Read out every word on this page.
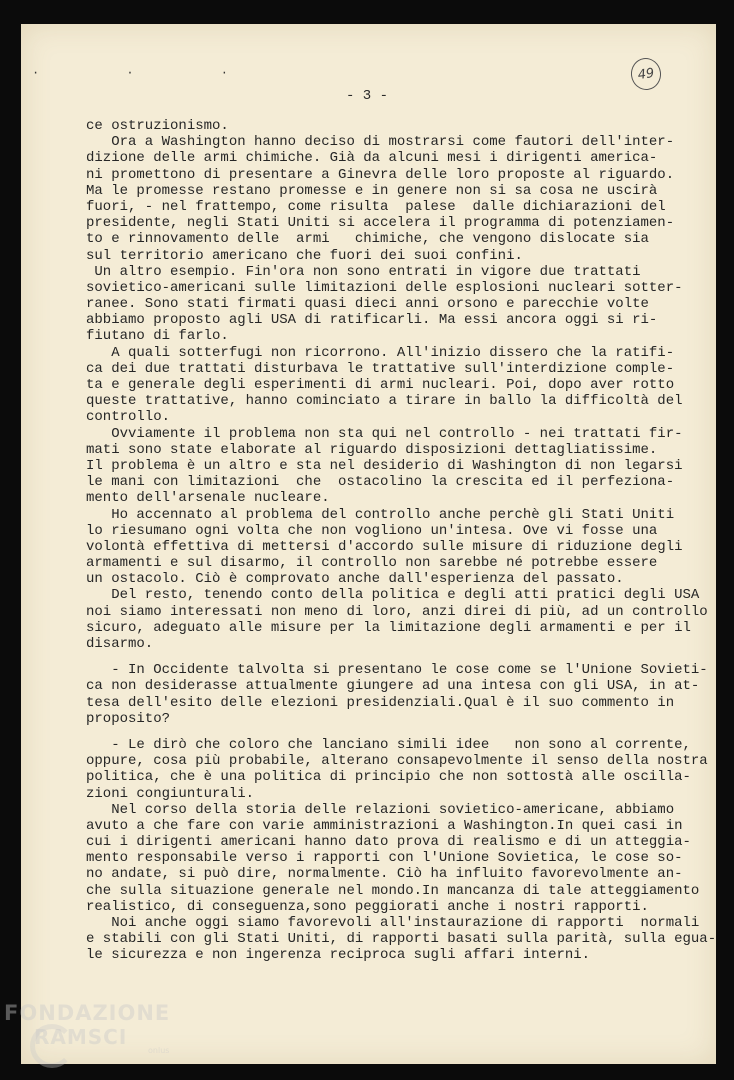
· · ·
- 3 -
49
ce ostruzionismo.
Ora a Washington hanno deciso di mostrarsi come fautori dell'inter-
dizione delle armi chimiche. Già da alcuni mesi i dirigenti america-
ni promettono di presentare a Ginevra delle loro proposte al riguardo.
Ma le promesse restano promesse e in genere non si sa cosa ne uscirà
fuori, - nel frattempo, come risulta  palese  dalle dichiarazioni del
presidente, negli Stati Uniti si accelera il programma di potenziamen-
to e rinnovamento delle  armi   chimiche, che vengono dislocate sia
sul territorio americano che fuori dei suoi confini.
Un altro esempio. Fin'ora non sono entrati in vigore due trattati
sovietico-americani sulle limitazioni delle esplosioni nucleari sotter-
ranee. Sono stati firmati quasi dieci anni orsono e parecchie volte
abbiamo proposto agli USA di ratificarli. Ma essi ancora oggi si ri-
fiutano di farlo.
A quali sotterfugi non ricorrono. All'inizio dissero che la ratifi-
ca dei due trattati disturbava le trattative sull'interdizione comple-
ta e generale degli esperimenti di armi nucleari. Poi, dopo aver rotto
queste trattative, hanno cominciato a tirare in ballo la difficoltà del
controllo.
Ovviamente il problema non sta qui nel controllo - nei trattati fir-
mati sono state elaborate al riguardo disposizioni dettagliatissime.
Il problema è un altro e sta nel desiderio di Washington di non legarsi
le mani con limitazioni  che  ostacolino la crescita ed il perfeziona-
mento dell'arsenale nucleare.
Ho accennato al problema del controllo anche perchè gli Stati Uniti
lo riesumano ogni volta che non vogliono un'intesa. Ove vi fosse una
volontà effettiva di mettersi d'accordo sulle misure di riduzione degli
armamenti e sul disarmo, il controllo non sarebbe né potrebbe essere
un ostacolo. Ciò è comprovato anche dall'esperienza del passato.
Del resto, tenendo conto della politica e degli atti pratici degli USA
noi siamo interessati non meno di loro, anzi direi di più, ad un controllo
sicuro, adeguato alle misure per la limitazione degli armamenti e per il
disarmo.
- In Occidente talvolta si presentano le cose come se l'Unione Sovieti-
ca non desiderasse attualmente giungere ad una intesa con gli USA, in at-
tesa dell'esito delle elezioni presidenziali.Qual è il suo commento in
proposito?
- Le dirò che coloro che lanciano simili idee   non sono al corrente,
oppure, cosa più probabile, alterano consapevolmente il senso della nostra
politica, che è una politica di principio che non sottostà alle oscilla-
zioni congiunturali.
Nel corso della storia delle relazioni sovietico-americane, abbiamo
avuto a che fare con varie amministrazioni a Washington.In quei casi in
cui i dirigenti americani hanno dato prova di realismo e di un atteggia-
mento responsabile verso i rapporti con l'Unione Sovietica, le cose so-
no andate, si può dire, normalmente. Ciò ha influito favorevolmente an-
che sulla situazione generale nel mondo.In mancanza di tale atteggiamento
realistico, di conseguenza,sono peggiorati anche i nostri rapporti.
Noi anche oggi siamo favorevoli all'instaurazione di rapporti  normali
e stabili con gli Stati Uniti, di rapporti basati sulla parità, sulla egua-
le sicurezza e non ingerenza reciproca sugli affari interni.
FONDAZIONE
RAMSCI
onlus
